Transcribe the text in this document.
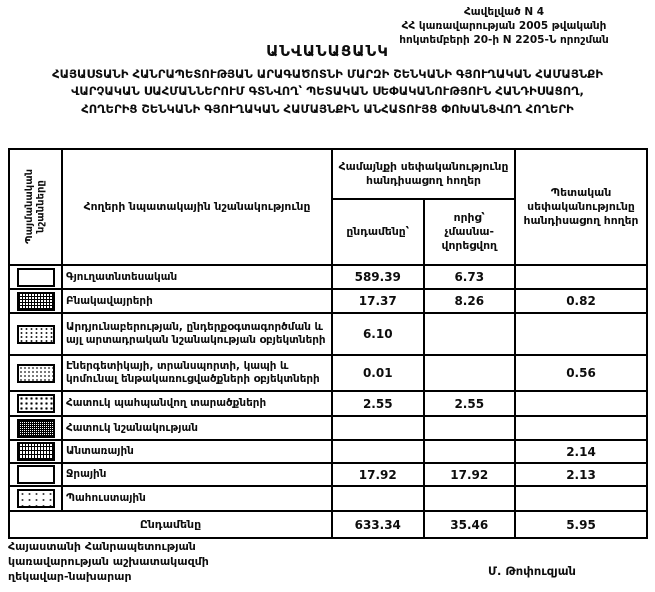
Հավելված N 4
ՀՀ կառավարության 2005 թվականի
հոկտեմբերի 20-ի N 2205-Ն որոշման
ԱՆՎԱՆԱՑԱՆԿ
ՀԱՅԱՍՏԱՆԻ ՀԱՆՐԱՊԵՏՈՒԹՅԱՆ ԱՐԱԳԱԾՈՏՆԻ ՄԱՐԶԻ ՇԵՆԿԱՆԻ ԳՅՈՒՂԱԿԱՆ ՀԱՄԱՅՆՔԻ
ՎԱՐՉԱԿԱՆ ՍԱՀՄԱՆՆԵՐՈՒՄ ԳՏՆՎՈՂ՝ ՊԵՏԱԿԱՆ ՍԵՓԱԿԱՆՈՒԹՅՈՒՆ ՀԱՆԴԻՍԱՑՈՂ,
ՀՈՂԵՐԻՑ ՇԵՆԿԱՆԻ ԳՅՈՒՂԱԿԱՆ ՀԱՄԱՅՆՔԻՆ ԱՆՀԱՏՈՒՅՑ ՓՈԽԱՆՑՎՈՂ ՀՈՂԵՐԻ
Պայմանական նշանները	Հողերի նպատակային նշանակությունը	Համայնքի սեփականությունը հանդիսացող հողեր		Պետական սեփականությունը հանդիսացող հողեր
		ընդամենը՝	որից՝ չմասնա-վորեցվող	

	Գյուղատնտեսական	589.39	6.73	

	Բնակավայրերի	17.37	8.26	0.82

	Արդյունաբերության, ընդերքօգտագործման և այլ արտադրական նշանակության օբյեկտների	6.10		

	Էներգետիկայի, տրանսպորտի, կապի և կոմունալ ենթակառուցվածքների օբյեկտների	0.01		0.56

	Հատուկ պահպանվող տարածքների	2.55	2.55	

	Հատուկ նշանակության			

	Անտառային			2.14

	Ջրային	17.92	17.92	2.13

	Պահուստային			
Ընդամենը		633.34	35.46	5.95
Հայաստանի Հանրապետության
կառավարության աշխատակազմի
ղեկավար-նախարար	Մ. Թոփուզյան
